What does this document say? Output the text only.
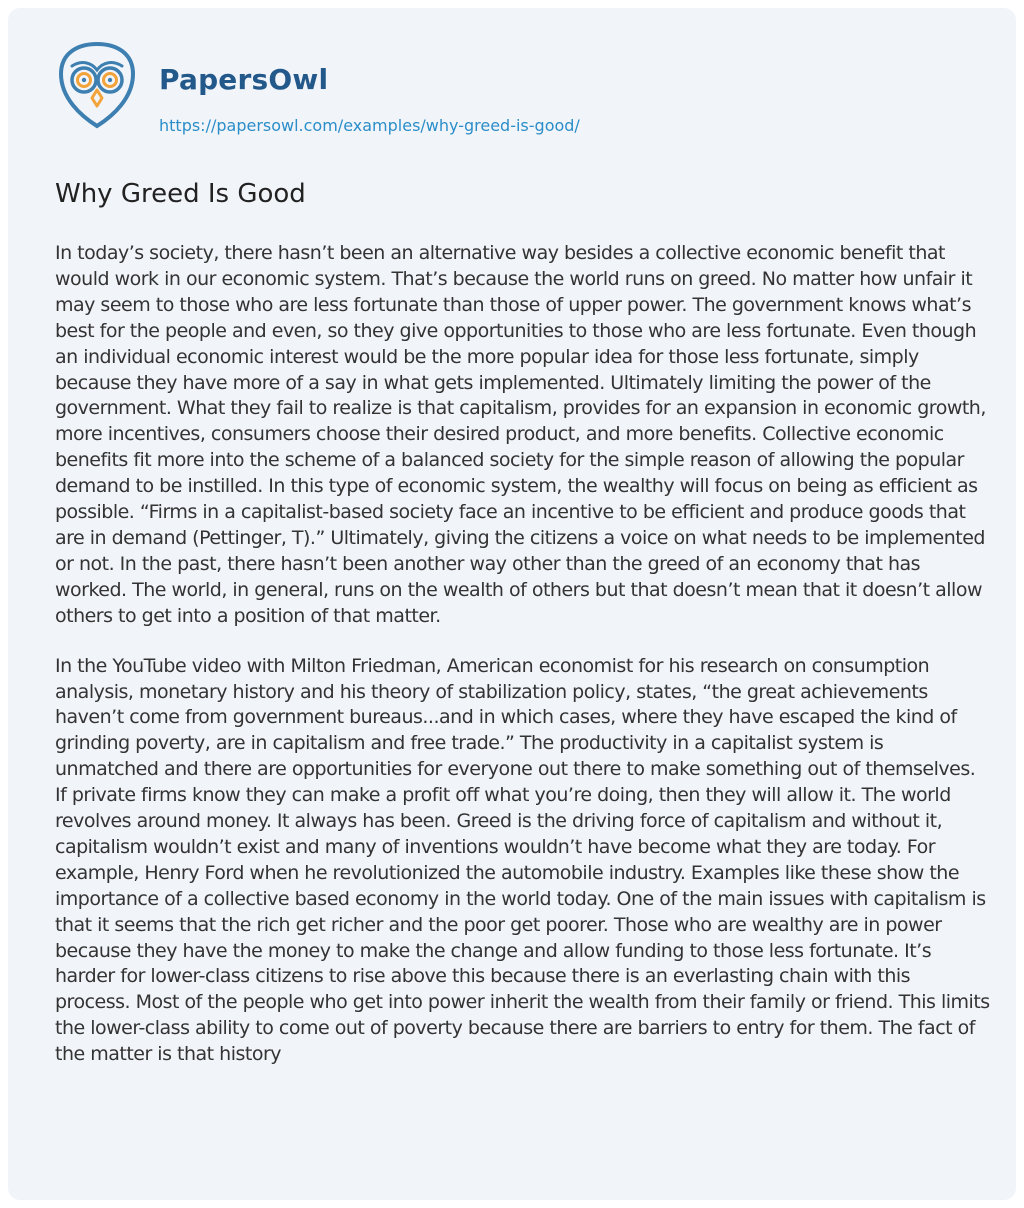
PapersOwl
https://papersowl.com/examples/why-greed-is-good/
Why Greed Is Good

In today’s society, there hasn’t been an alternative way besides a collective economic benefit that would work in our economic system. That’s because the world runs on greed. No matter how unfair it may seem to those who are less fortunate than those of upper power. The government knows what’s best for the people and even, so they give opportunities to those who are less fortunate. Even though an individual economic interest would be the more popular idea for those less fortunate, simply because they have more of a say in what gets implemented. Ultimately limiting the power of the government. What they fail to realize is that capitalism, provides for an expansion in economic growth, more incentives, consumers choose their desired product, and more benefits. Collective economic benefits fit more into the scheme of a balanced society for the simple reason of allowing the popular demand to be instilled. In this type of economic system, the wealthy will focus on being as efficient as possible. “Firms in a capitalist-based society face an incentive to be efficient and produce goods that are in demand (Pettinger, T).” Ultimately, giving the citizens a voice on what needs to be implemented or not. In the past, there hasn’t been another way other than the greed of an economy that has worked. The world, in general, runs on the wealth of others but that doesn’t mean that it doesn’t allow others to get into a position of that matter.

In the YouTube video with Milton Friedman, American economist for his research on consumption analysis, monetary history and his theory of stabilization policy, states, “the great achievements haven’t come from government bureaus...and in which cases, where they have escaped the kind of grinding poverty, are in capitalism and free trade.” The productivity in a capitalist system is unmatched and there are opportunities for everyone out there to make something out of themselves. If private firms know they can make a profit off what you’re doing, then they will allow it. The world revolves around money. It always has been. Greed is the driving force of capitalism and without it, capitalism wouldn’t exist and many of inventions wouldn’t have become what they are today. For example, Henry Ford when he revolutionized the automobile industry. Examples like these show the importance of a collective based economy in the world today. One of the main issues with capitalism is that it seems that the rich get richer and the poor get poorer. Those who are wealthy are in power because they have the money to make the change and allow funding to those less fortunate. It’s harder for lower-class citizens to rise above this because there is an everlasting chain with this process. Most of the people who get into power inherit the wealth from their family or friend. This limits the lower-class ability to come out of poverty because there are barriers to entry for them. The fact of the matter is that history
